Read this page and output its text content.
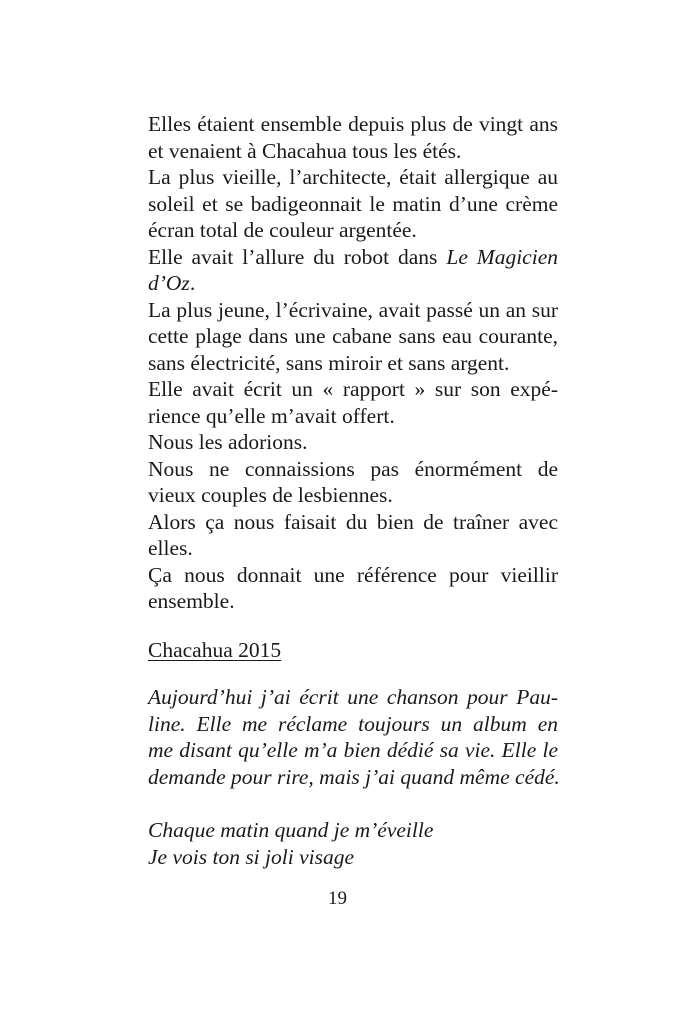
Elles étaient ensemble depuis plus de vingt ans
et venaient à Chacahua tous les étés.

La plus vieille, l’architecte, était allergique au
soleil et se badigeonnait le matin d’une crème
écran total de couleur argentée.

Elle avait l’allure du robot dans Le Magicien
d’Oz.

La plus jeune, l’écrivaine, avait passé un an sur
cette plage dans une cabane sans eau courante,
sans électricité, sans miroir et sans argent.

Elle avait écrit un « rapport » sur son expé-
rience qu’elle m’avait offert.

Nous les adorions.

Nous ne connaissions pas énormément de
vieux couples de lesbiennes.

Alors ça nous faisait du bien de traîner avec
elles.

Ça nous donnait une référence pour vieillir
ensemble.

Chacahua 2015

Aujourd’hui j’ai écrit une chanson pour Pau-
line. Elle me réclame toujours un album en
me disant qu’elle m’a bien dédié sa vie. Elle le
demande pour rire, mais j’ai quand même cédé.

Chaque matin quand je m’éveille
Je vois ton si joli visage

19
